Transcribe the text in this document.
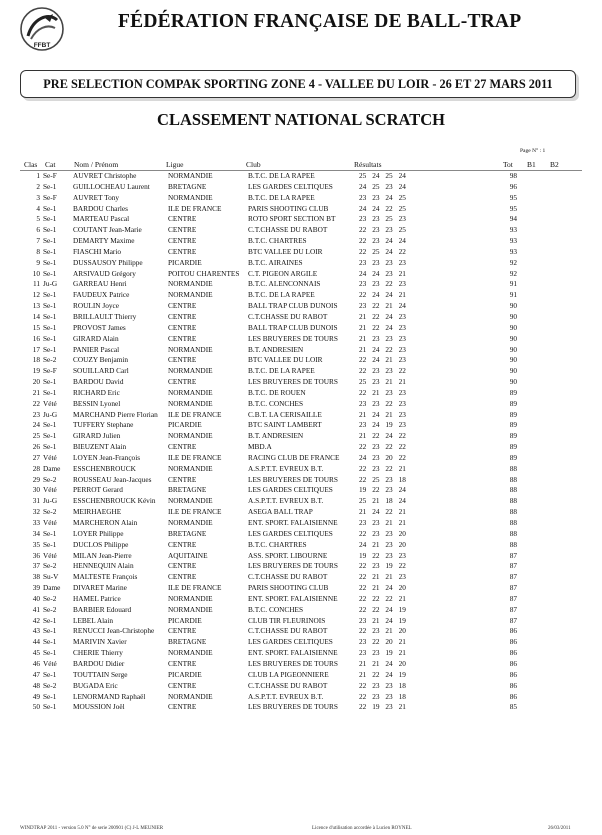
FFBT
FÉDÉRATION FRANÇAISE DE BALL-TRAP
PRE SELECTION COMPAK SPORTING ZONE 4 - VALLEE DU LOIR - 26 ET 27 MARS 2011
CLASSEMENT NATIONAL SCRATCH
Page N° : 1
Clas Cat Nom / Prénom	Ligue	Club	Résultats	Tot B1 B2
1	Se-F	AUVRET Christophe	NORMANDIE	B.T.C. DE LA RAPEE	25	24	25	24		98
2	Se-1	GUILLOCHEAU Laurent	BRETAGNE	LES GARDES CELTIQUES	24	25	23	24		96
3	Se-F	AUVRET Tony	NORMANDIE	B.T.C. DE LA RAPEE	23	23	24	25		95
4	Se-1	BARDOU Charles	ILE DE FRANCE	PARIS SHOOTING CLUB	24	24	22	25		95
5	Se-1	MARTEAU Pascal	CENTRE	ROTO SPORT SECTION BT	23	23	25	23		94
6	Se-1	COUTANT Jean-Marie	CENTRE	C.T.CHASSE DU RABOT	22	23	23	25		93
7	Se-1	DEMARTY Maxime	CENTRE	B.T.C. CHARTRES	22	23	24	24		93
8	Se-1	FIASCHI Mario	CENTRE	BTC VALLEE DU LOIR	22	25	24	22		93
9	Se-1	DUSSAUSOY Philippe	PICARDIE	B.T.C. AIRAINES	23	23	23	23		92
10	Se-1	ARSIVAUD Grégory	POITOU CHARENTES	C.T. PIGEON ARGILE	24	24	23	21		92
11	Ju-G	GARREAU Henri	NORMANDIE	B.T.C. ALENCONNAIS	23	23	22	23		91
12	Se-1	FAUDEUX Patrice	NORMANDIE	B.T.C. DE LA RAPEE	22	24	24	21		91
13	Se-1	ROULIN Joyce	CENTRE	BALL TRAP CLUB DUNOIS	23	22	21	24		90
14	Se-1	BRILLAULT Thierry	CENTRE	C.T.CHASSE DU RABOT	21	22	24	23		90
15	Se-1	PROVOST James	CENTRE	BALL TRAP CLUB DUNOIS	21	22	24	23		90
16	Se-1	GIRARD Alain	CENTRE	LES BRUYERES DE TOURS	21	23	23	23		90
17	Se-1	PANIER Pascal	NORMANDIE	B.T. ANDRESIEN	21	24	22	23		90
18	Se-2	COUZY Benjamin	CENTRE	BTC VALLEE DU LOIR	22	24	21	23		90
19	Se-F	SOUILLARD Carl	NORMANDIE	B.T.C. DE LA RAPEE	22	23	23	22		90
20	Se-1	BARDOU David	CENTRE	LES BRUYERES DE TOURS	25	23	21	21		90
21	Se-1	RICHARD Eric	NORMANDIE	B.T.C. DE ROUEN	22	21	23	23		89
22	Vété	BESSIN Lyonel	NORMANDIE	B.T.C. CONCHES	23	23	22	23		89
23	Ju-G	MARCHAND Pierre Florian	ILE DE FRANCE	C.B.T. LA CERISAILLE	21	24	21	23		89
24	Se-1	TUFFERY Stephane	PICARDIE	BTC SAINT LAMBERT	23	24	19	23		89
25	Se-1	GIRARD Julien	NORMANDIE	B.T. ANDRESIEN	21	22	24	22		89
26	Se-1	BIEUZENT Alain	CENTRE	MBD.A	22	23	22	22		89
27	Vété	LOYEN Jean-François	ILE DE FRANCE	RACING CLUB DE FRANCE	24	23	20	22		89
28	Dame	ESSCHENBROUCK	NORMANDIE	A.S.P.T.T. EVREUX B.T.	22	23	22	21		88
29	Se-2	ROUSSEAU Jean-Jacques	CENTRE	LES BRUYERES DE TOURS	22	25	23	18		88
30	Vété	PERROT Gerard	BRETAGNE	LES GARDES CELTIQUES	19	22	23	24		88
31	Ju-G	ESSCHENBROUCK Kévin	NORMANDIE	A.S.P.T.T. EVREUX B.T.	25	21	18	24		88
32	Se-2	MEIRHAEGHE	ILE DE FRANCE	ASEGA BALL TRAP	21	24	22	21		88
33	Vété	MARCHERON Alain	NORMANDIE	ENT. SPORT. FALAISIENNE	23	23	21	21		88
34	Se-1	LOYER Philippe	BRETAGNE	LES GARDES CELTIQUES	22	23	23	20		88
35	Se-1	DUCLOS Philippe	CENTRE	B.T.C. CHARTRES	24	21	23	20		88
36	Vété	MILAN Jean-Pierre	AQUITAINE	ASS. SPORT. LIBOURNE	19	22	23	23		87
37	Se-2	HENNEQUIN Alain	CENTRE	LES BRUYERES DE TOURS	22	23	19	22		87
38	Su-V	MALTESTE François	CENTRE	C.T.CHASSE DU RABOT	22	21	21	23		87
39	Dame	DIVARET Marine	ILE DE FRANCE	PARIS SHOOTING CLUB	22	21	24	20		87
40	Se-2	HAMEL Patrice	NORMANDIE	ENT. SPORT. FALAISIENNE	22	22	22	21		87
41	Se-2	BARBIER Edouard	NORMANDIE	B.T.C. CONCHES	22	22	24	19		87
42	Se-1	LEBEL Alain	PICARDIE	CLUB TIR FLEURINOIS	23	21	24	19		87
43	Se-1	RENUCCI Jean-Christophe	CENTRE	C.T.CHASSE DU RABOT	22	23	21	20		86
44	Se-1	MARIVIN Xavier	BRETAGNE	LES GARDES CELTIQUES	23	22	20	21		86
45	Se-1	CHERIE Thierry	NORMANDIE	ENT. SPORT. FALAISIENNE	23	23	19	21		86
46	Vété	BARDOU Didier	CENTRE	LES BRUYERES DE TOURS	21	21	24	20		86
47	Se-1	TOUTTAIN Serge	PICARDIE	CLUB LA PIGEONNIERE	21	22	24	19		86
48	Se-2	BUGADA Eric	CENTRE	C.T.CHASSE DU RABOT	22	23	23	18		86
49	Se-1	LENORMAND Raphaël	NORMANDIE	A.S.P.T.T. EVREUX B.T.	22	23	23	18		86
50	Se-1	MOUSSION Joël	CENTRE	LES BRUYERES DE TOURS	22	19	23	21		85
WINDTRAP 2011 - version 5.0 N° de serie 200901 (C) J-L MEUNIER	Licence d'utilisation accordée à Lucien ROYNEL	26/03/2011
